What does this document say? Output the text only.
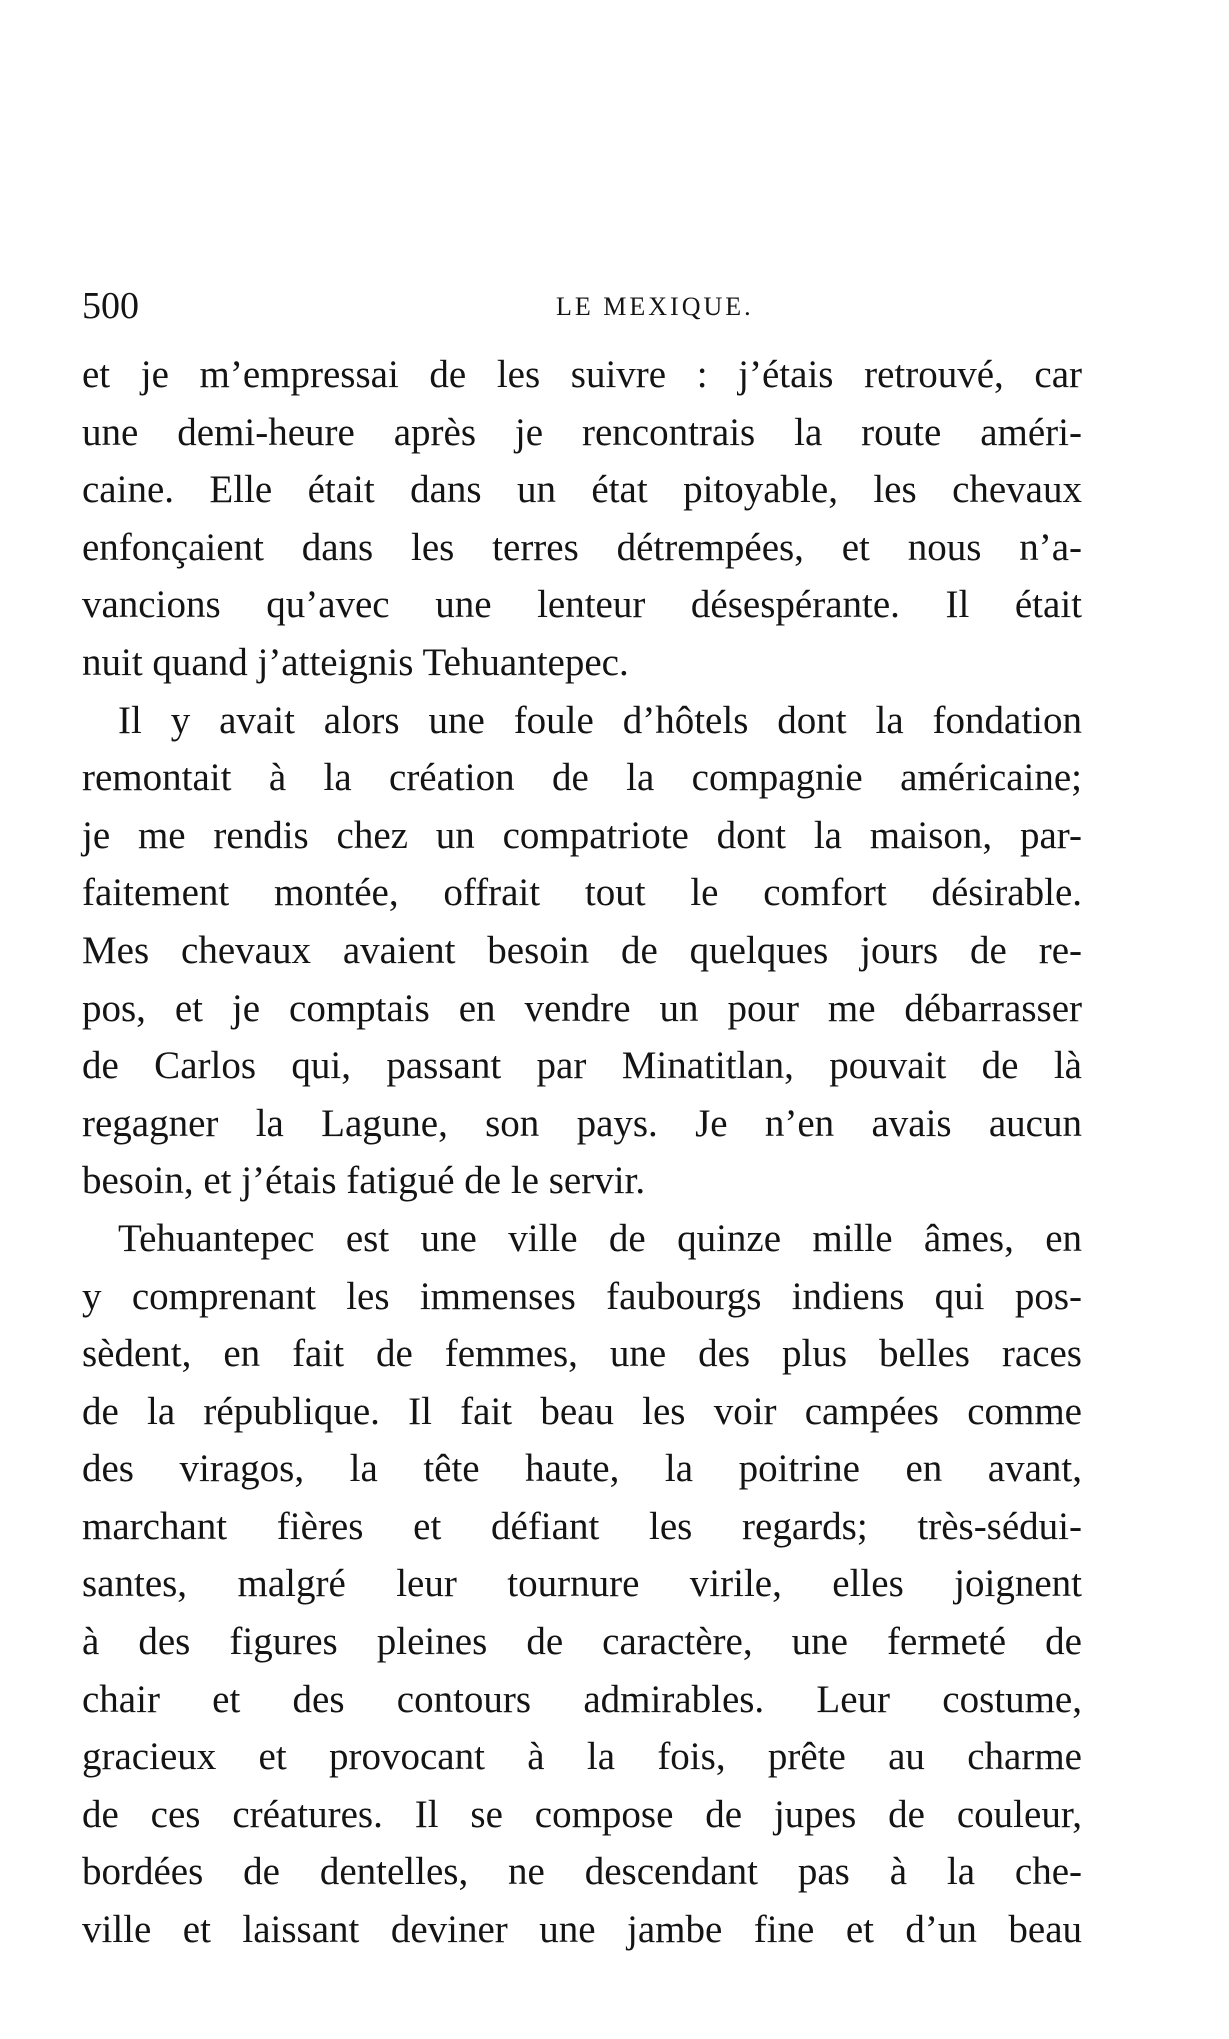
500	LE MEXIQUE.
et je m’empressai de les suivre : j’étais retrouvé, car
une demi-heure après je rencontrais la route améri-
caine. Elle était dans un état pitoyable, les chevaux
enfonçaient dans les terres détrempées, et nous n’a-
vancions qu’avec une lenteur désespérante. Il était
nuit quand j’atteignis Tehuantepec.
Il y avait alors une foule d’hôtels dont la fondation
remontait à la création de la compagnie américaine;
je me rendis chez un compatriote dont la maison, par-
faitement montée, offrait tout le comfort désirable.
Mes chevaux avaient besoin de quelques jours de re-
pos, et je comptais en vendre un pour me débarrasser
de Carlos qui, passant par Minatitlan, pouvait de là
regagner la Lagune, son pays. Je n’en avais aucun
besoin, et j’étais fatigué de le servir.
Tehuantepec est une ville de quinze mille âmes, en
y comprenant les immenses faubourgs indiens qui pos-
sèdent, en fait de femmes, une des plus belles races
de la république. Il fait beau les voir campées comme
des viragos, la tête haute, la poitrine en avant,
marchant fières et défiant les regards; très-sédui-
santes, malgré leur tournure virile, elles joignent
à des figures pleines de caractère, une fermeté de
chair et des contours admirables. Leur costume,
gracieux et provocant à la fois, prête au charme
de ces créatures. Il se compose de jupes de couleur,
bordées de dentelles, ne descendant pas à la che-
ville et laissant deviner une jambe fine et d’un beau
